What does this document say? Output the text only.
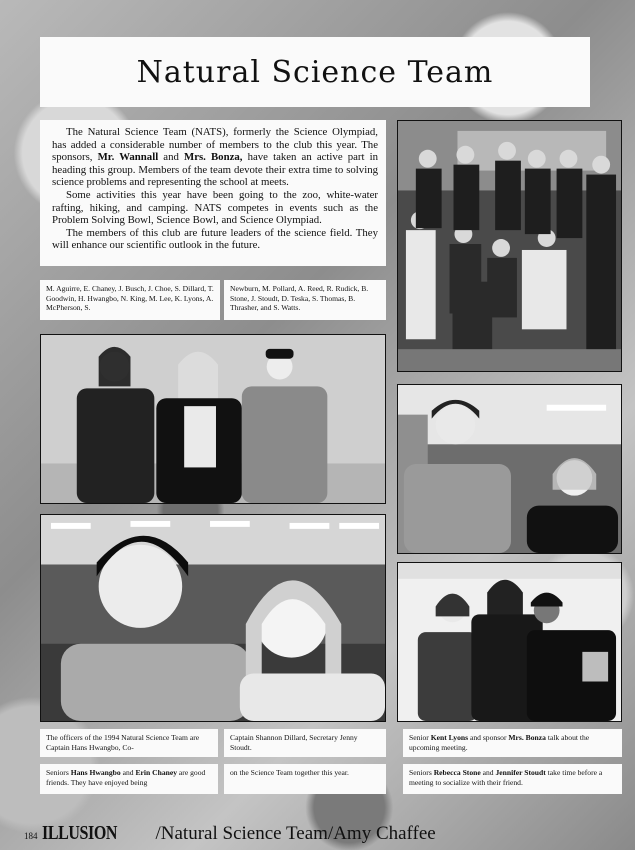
Natural Science Team

The Natural Science Team (NATS), formerly the Science Olympiad, has added a considerable number of members to the club this year. The sponsors, Mr. Wannall and Mrs. Bonza, have taken an active part in heading this group. Members of the team devote their extra time to solving science problems and representing the school at meets.

Some activities this year have been going to the zoo, white-water rafting, hiking, and camping. NATS competes in events such as the Problem Solving Bowl, Science Bowl, and Science Olympiad.

The members of this club are future leaders of the science field. They will enhance our scientific outlook in the future.

M. Aguirre, E. Chaney, J. Busch, J. Choe, S. Dillard, T. Goodwin, H. Hwangbo, N. King, M. Lee, K. Lyons, A. McPherson, S.
Newburn, M. Pollard, A. Reed, R. Rudick, B. Stone, J. Stoudt, D. Teska, S. Thomas, B. Thrasher, and S. Watts.
The officers of the 1994 Natural Science Team are Captain Hans Hwangbo, Co-
Captain Shannon Dillard, Secretary Jenny Stoudt.
Senior Kent Lyons and sponsor Mrs. Bonza talk about the upcoming meeting.
Seniors Hans Hwangbo and Erin Chaney are good friends. They have enjoyed being
on the Science Team together this year.	Seniors Rebecca Stone and Jennifer Stoudt take time before a meeting to socialize with their friend.
184 ILLUSION	/Natural Science Team/Amy Chaffee
